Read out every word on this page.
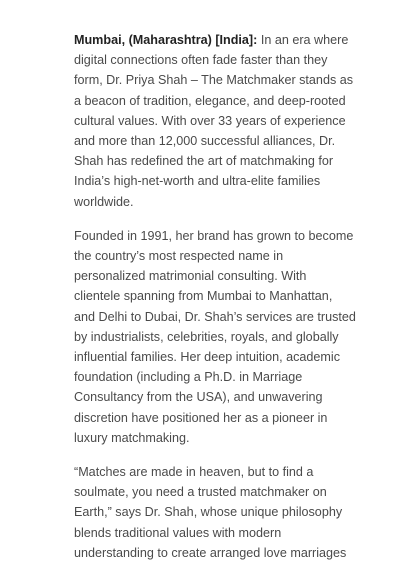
Mumbai, (Maharashtra) [India]: In an era where digital connections often fade faster than they form, Dr. Priya Shah – The Matchmaker stands as a beacon of tradition, elegance, and deep-rooted cultural values. With over 33 years of experience and more than 12,000 successful alliances, Dr. Shah has redefined the art of matchmaking for India’s high-net-worth and ultra-elite families worldwide.

Founded in 1991, her brand has grown to become the country’s most respected name in personalized matrimonial consulting. With clientele spanning from Mumbai to Manhattan, and Delhi to Dubai, Dr. Shah’s services are trusted by industrialists, celebrities, royals, and globally influential families. Her deep intuition, academic foundation (including a Ph.D. in Marriage Consultancy from the USA), and unwavering discretion have positioned her as a pioneer in luxury matchmaking.

“Matches are made in heaven, but to find a soulmate, you need a trusted matchmaker on Earth,” says Dr. Shah, whose unique philosophy blends traditional values with modern understanding to create arranged love marriages
